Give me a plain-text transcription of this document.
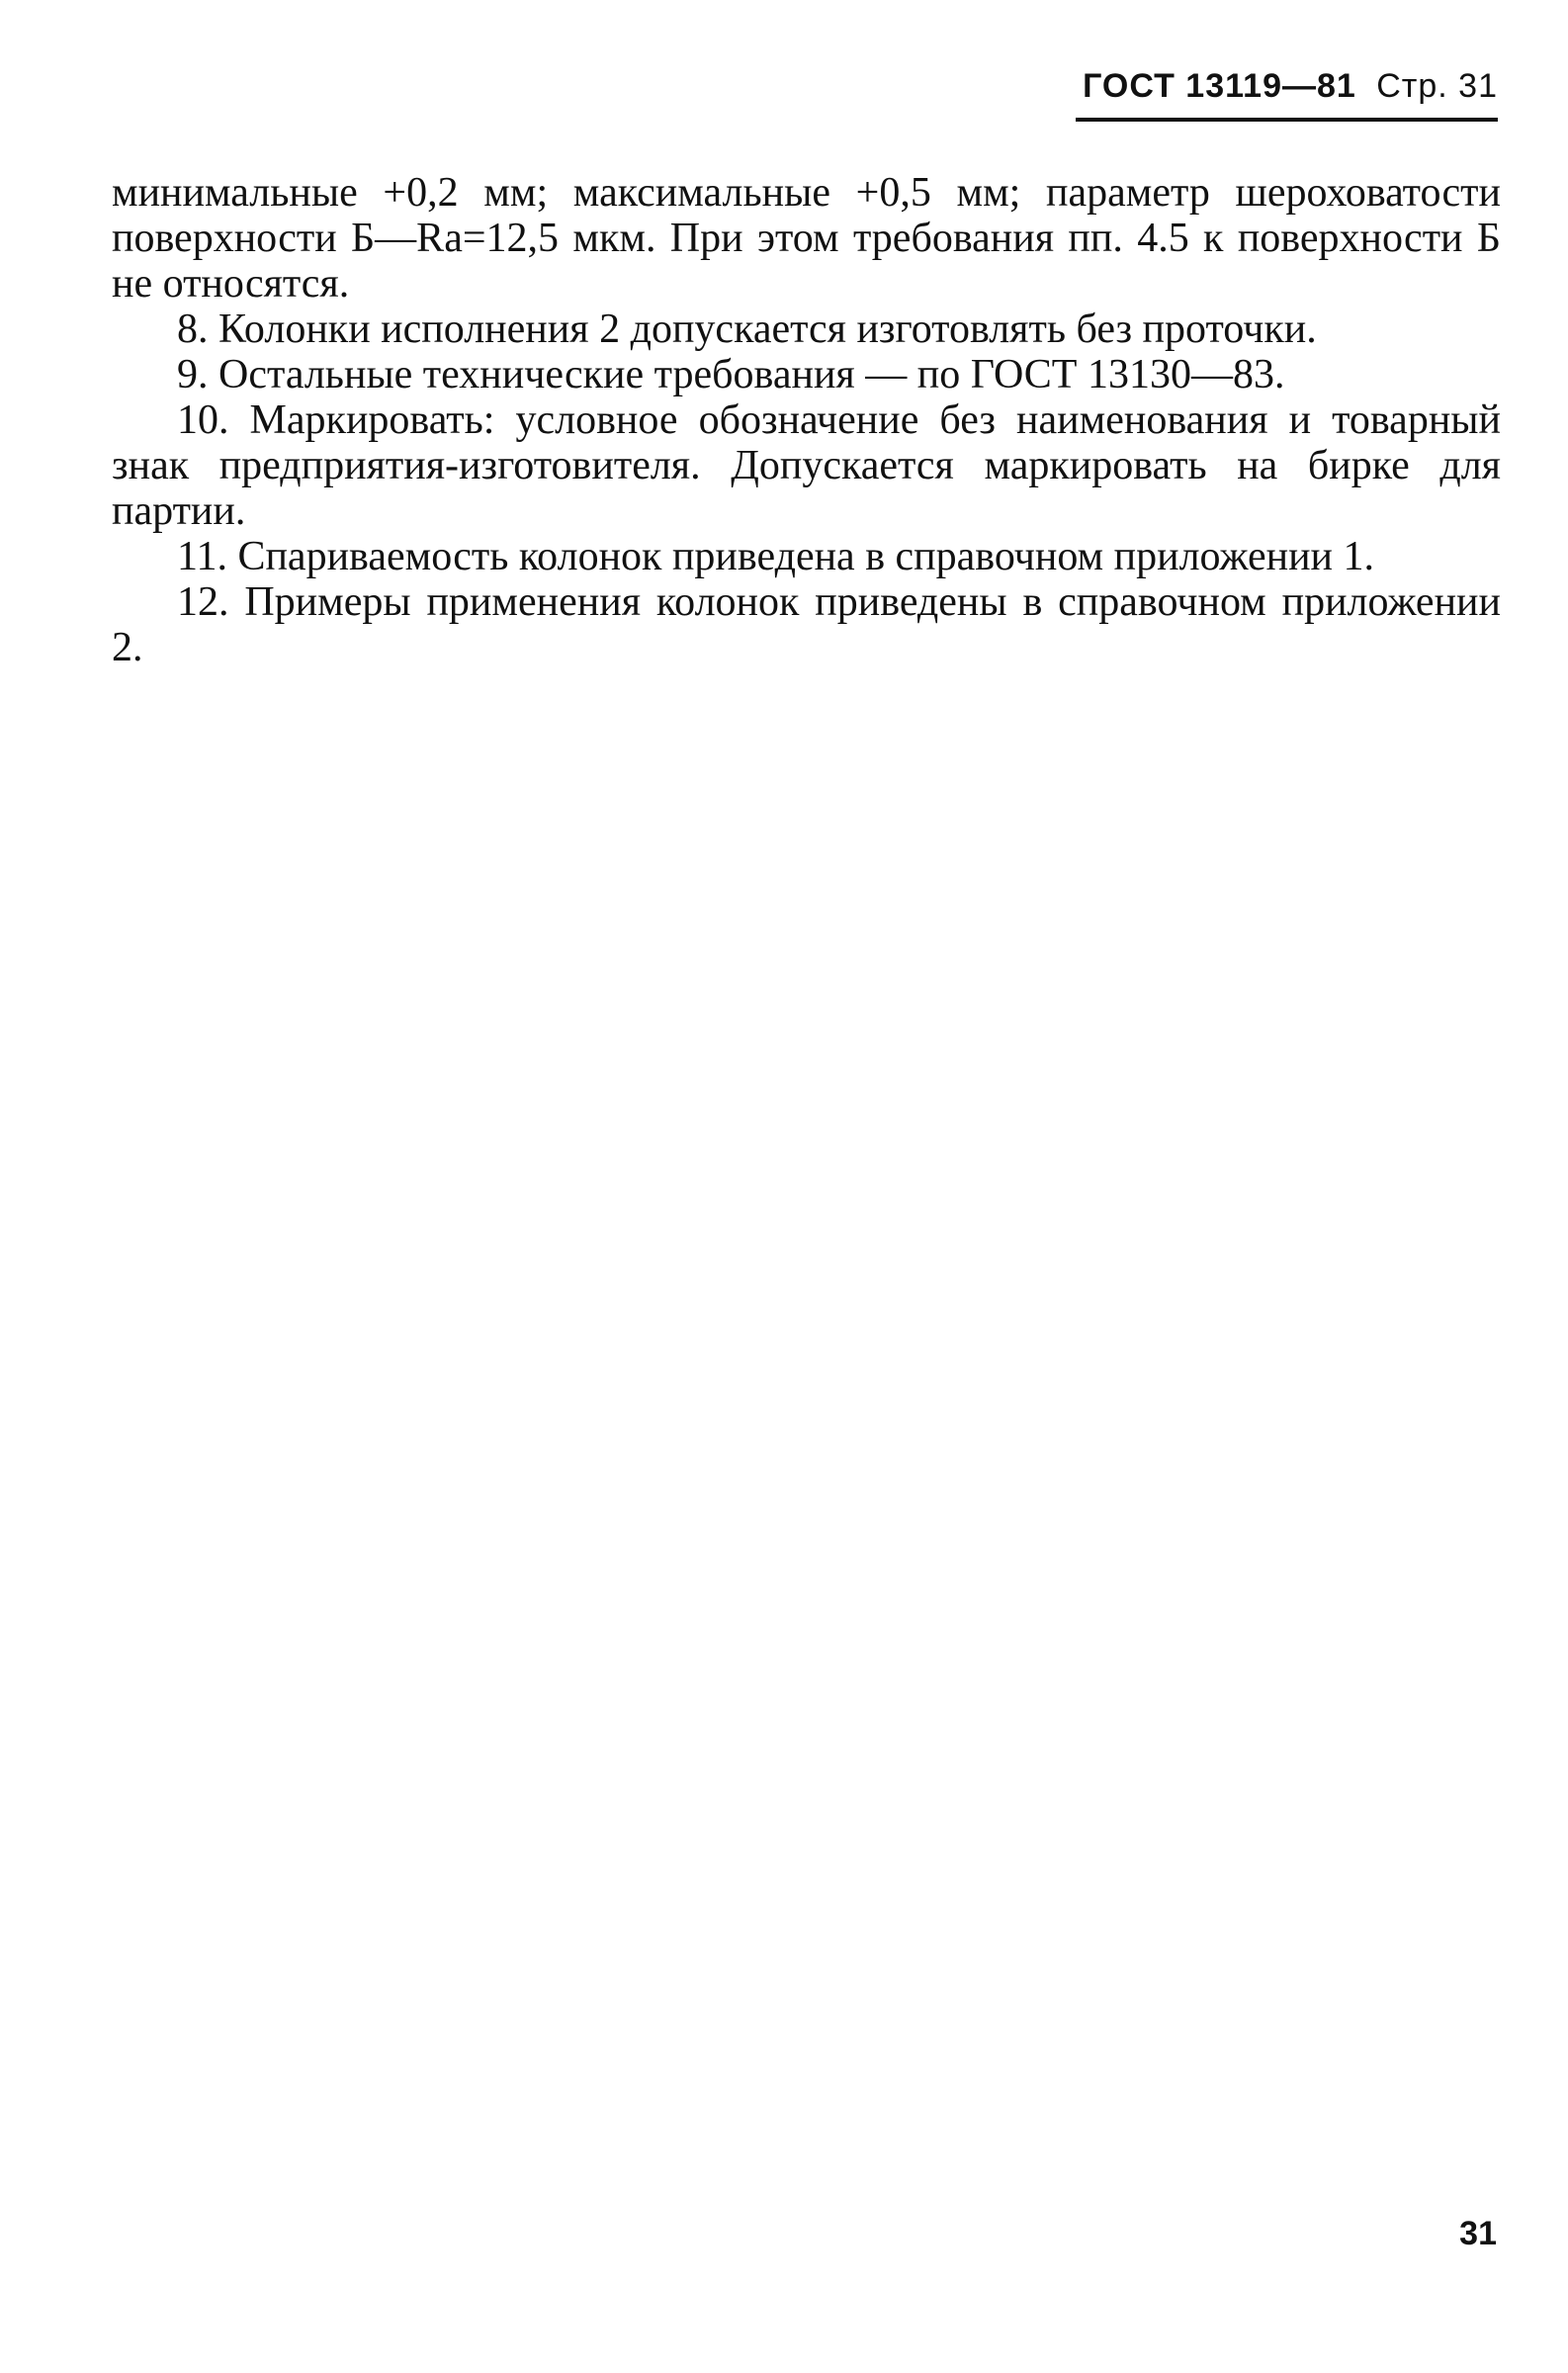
ГОСТ 13119—81 Стр. 31

минимальные +0,2 мм; максимальные +0,5 мм; параметр шероховатости поверхности Б—Ra=12,5 мкм. При этом требования пп. 4.5 к поверхности Б не относятся.

8. Колонки исполнения 2 допускается изготовлять без проточки.

9. Остальные технические требования — по ГОСТ 13130—83.

10. Маркировать: условное обозначение без наименования и товарный знак предприятия-изготовителя. Допускается маркировать на бирке для партии.

11. Спариваемость колонок приведена в справочном приложении 1.

12. Примеры применения колонок приведены в справочном приложении 2.

31
